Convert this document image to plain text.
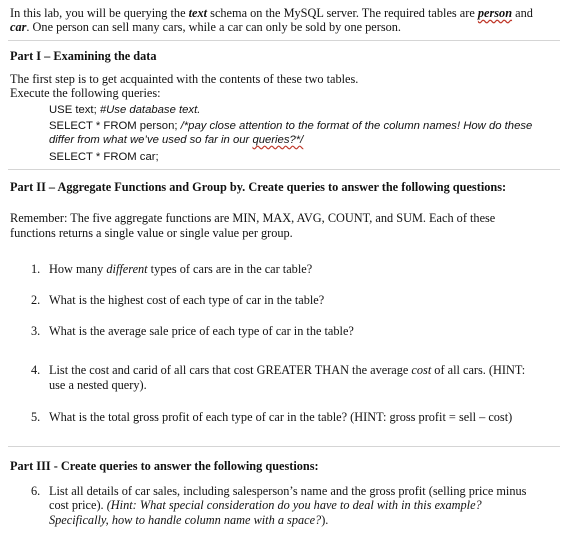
In this lab, you will be querying the text schema on the MySQL server. The required tables are person and
car. One person can sell many cars, while a car can only be sold by one person.
Part I – Examining the data
The first step is to get acquainted with the contents of these two tables.
Execute the following queries:
USE text; #Use database text.
SELECT * FROM person; /*pay close attention to the format of the column names! How do these
differ from what we’ve used so far in our queries?*/
SELECT * FROM car;
Part II – Aggregate Functions and Group by. Create queries to answer the following questions:
Remember: The five aggregate functions are MIN, MAX, AVG, COUNT, and SUM. Each of these
functions returns a single value or single value per group.
1. How many different types of cars are in the car table?
2. What is the highest cost of each type of car in the table?
3. What is the average sale price of each type of car in the table?
4. List the cost and carid of all cars that cost GREATER THAN the average cost of all cars. (HINT:
use a nested query).
5. What is the total gross profit of each type of car in the table? (HINT: gross profit = sell – cost)
Part III - Create queries to answer the following questions:
6. List all details of car sales, including salesperson’s name and the gross profit (selling price minus
cost price). (Hint: What special consideration do you have to deal with in this example?
Specifically, how to handle column name with a space?).
